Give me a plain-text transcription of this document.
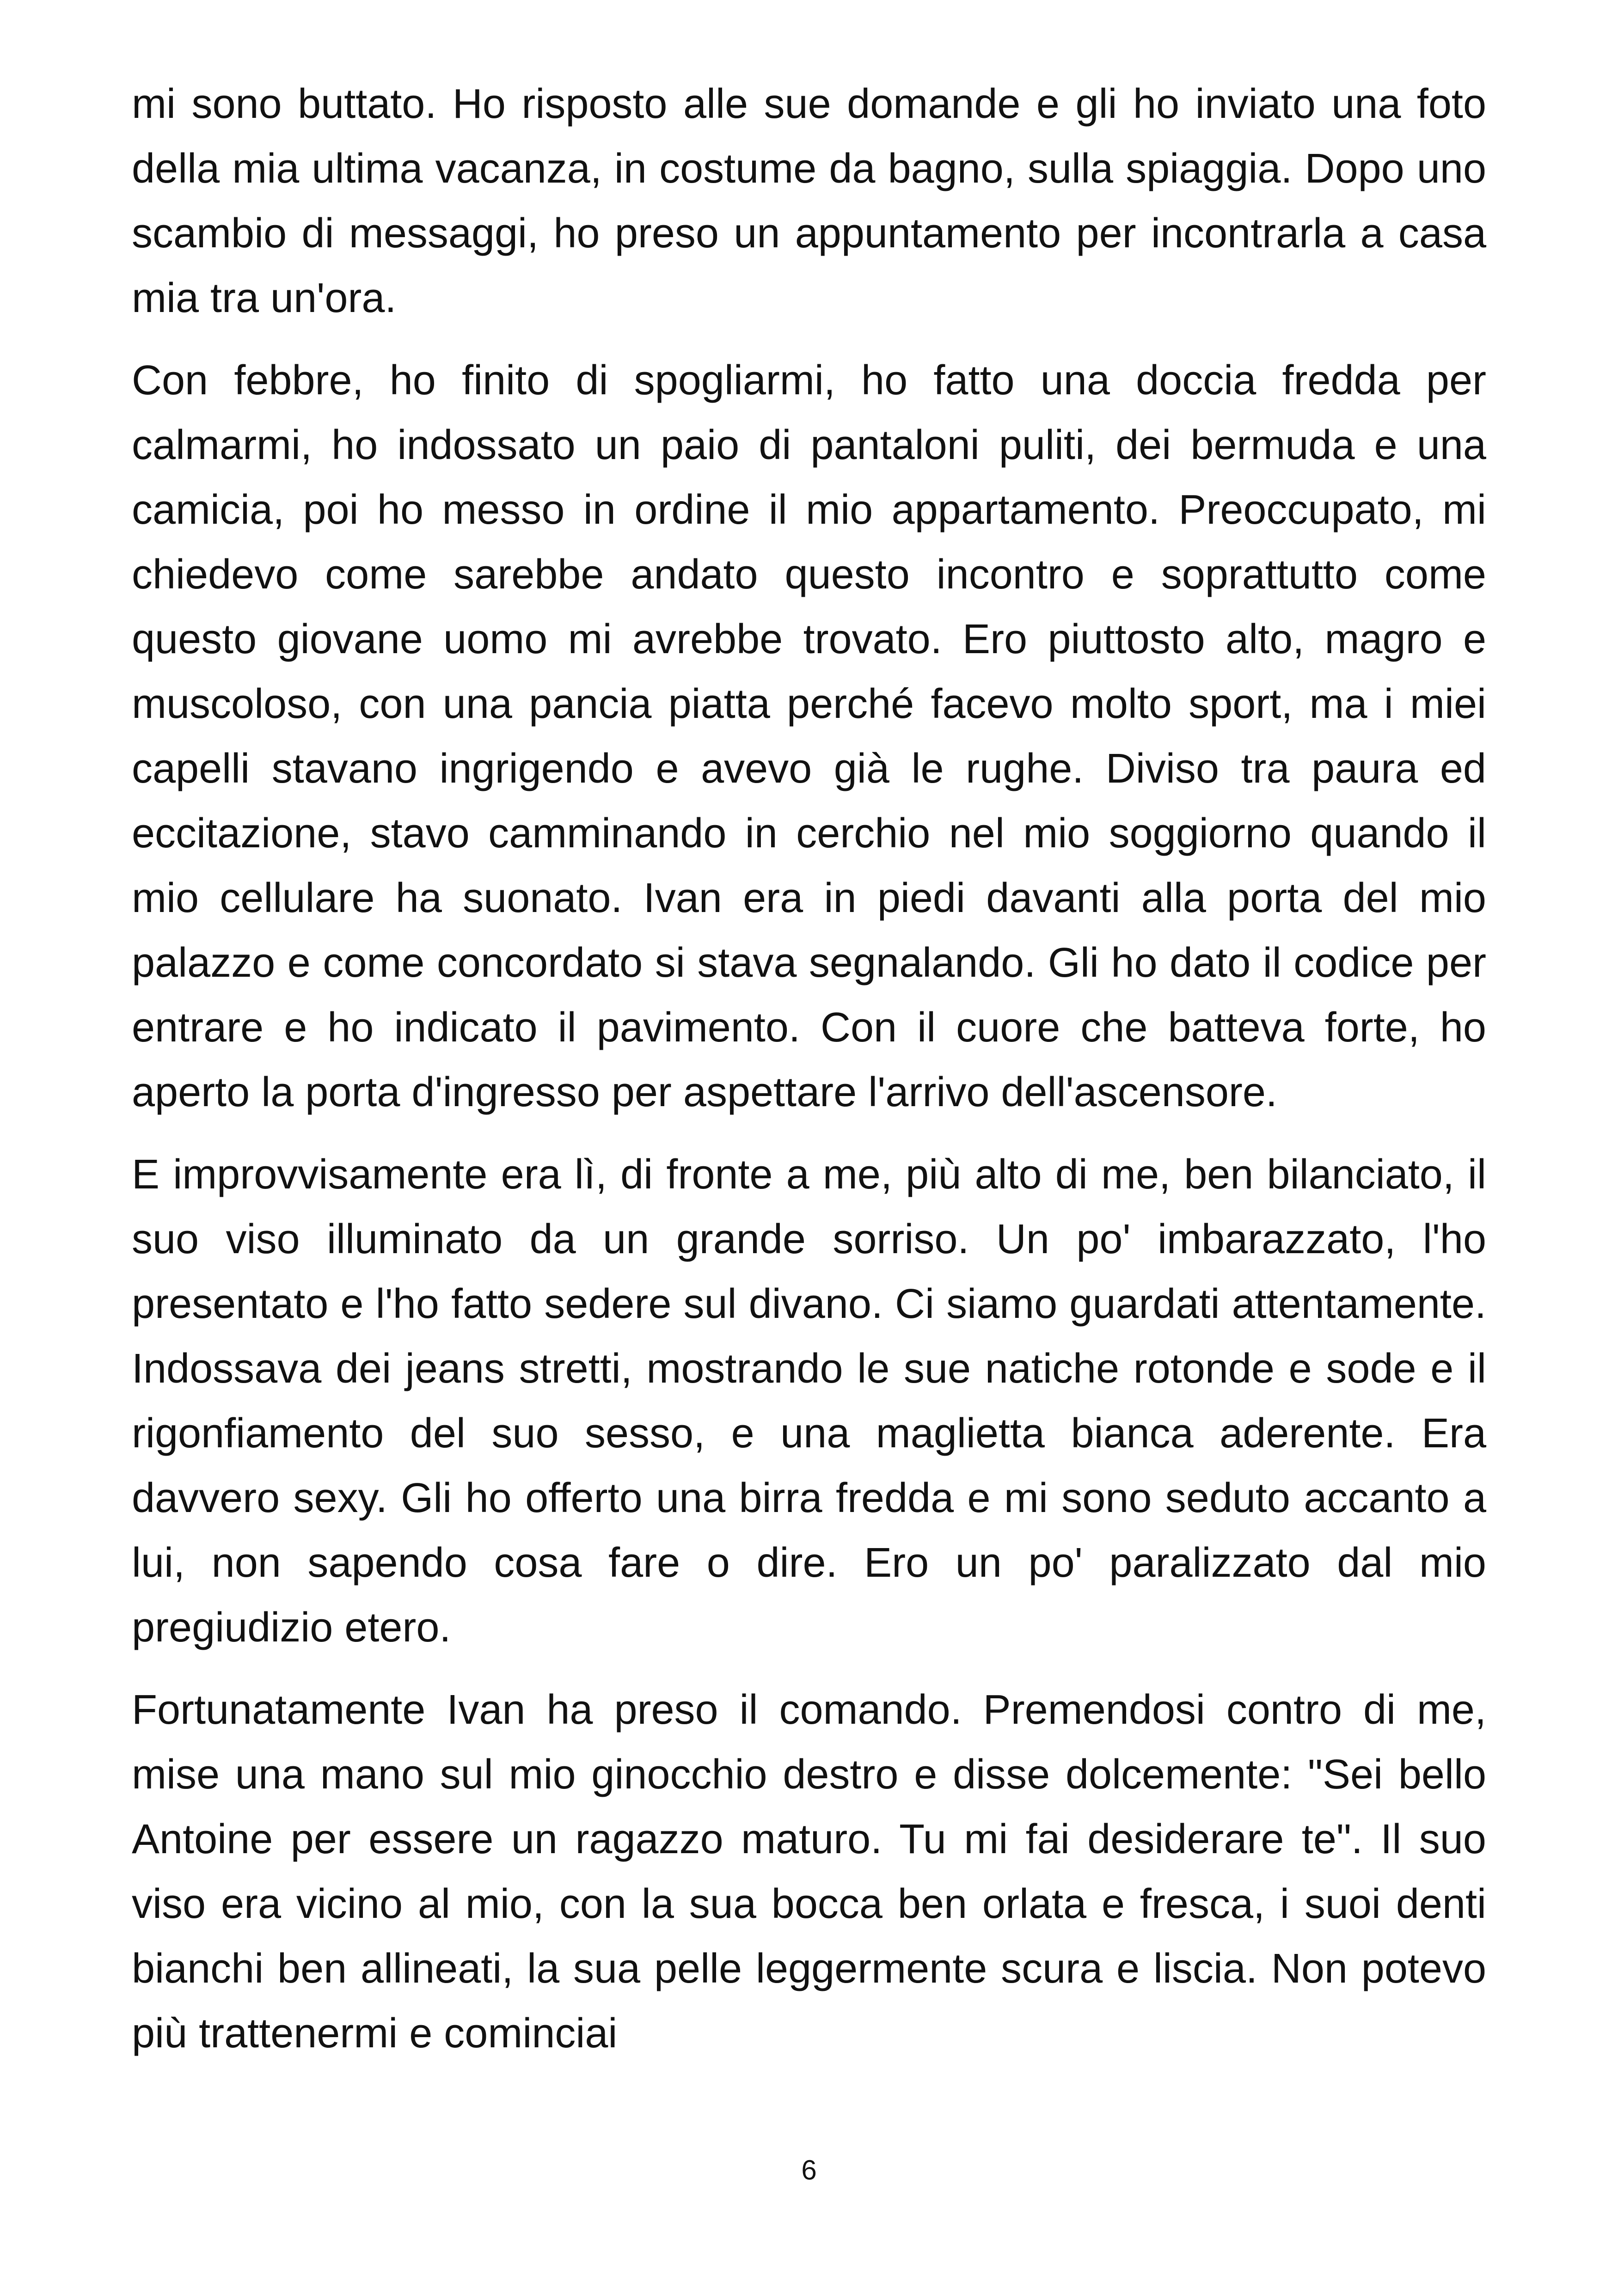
mi sono buttato. Ho risposto alle sue domande e gli ho inviato una foto della mia ultima vacanza, in costume da bagno, sulla spiaggia. Dopo uno scambio di messaggi, ho preso un appuntamento per incontrarla a casa mia tra un'ora.

Con febbre, ho finito di spogliarmi, ho fatto una doccia fredda per calmarmi, ho indossato un paio di pantaloni puliti, dei bermuda e una camicia, poi ho messo in ordine il mio appartamento. Preoccupato, mi chiedevo come sarebbe andato questo incontro e soprattutto come questo giovane uomo mi avrebbe trovato. Ero piuttosto alto, magro e muscoloso, con una pancia piatta perché facevo molto sport, ma i miei capelli stavano ingrigendo e avevo già le rughe. Diviso tra paura ed eccitazione, stavo camminando in cerchio nel mio soggiorno quando il mio cellulare ha suonato. Ivan era in piedi davanti alla porta del mio palazzo e come concordato si stava segnalando. Gli ho dato il codice per entrare e ho indicato il pavimento. Con il cuore che batteva forte, ho aperto la porta d'ingresso per aspettare l'arrivo dell'ascensore.

E improvvisamente era lì, di fronte a me, più alto di me, ben bilanciato, il suo viso illuminato da un grande sorriso. Un po' imbarazzato, l'ho presentato e l'ho fatto sedere sul divano. Ci siamo guardati attentamente. Indossava dei jeans stretti, mostrando le sue natiche rotonde e sode e il rigonfiamento del suo sesso, e una maglietta bianca aderente. Era davvero sexy. Gli ho offerto una birra fredda e mi sono seduto accanto a lui, non sapendo cosa fare o dire. Ero un po' paralizzato dal mio pregiudizio etero.

Fortunatamente Ivan ha preso il comando. Premendosi contro di me, mise una mano sul mio ginocchio destro e disse dolcemente: "Sei bello Antoine per essere un ragazzo maturo. Tu mi fai desiderare te". Il suo viso era vicino al mio, con la sua bocca ben orlata e fresca, i suoi denti bianchi ben allineati, la sua pelle leggermente scura e liscia. Non potevo più trattenermi e cominciai

6
